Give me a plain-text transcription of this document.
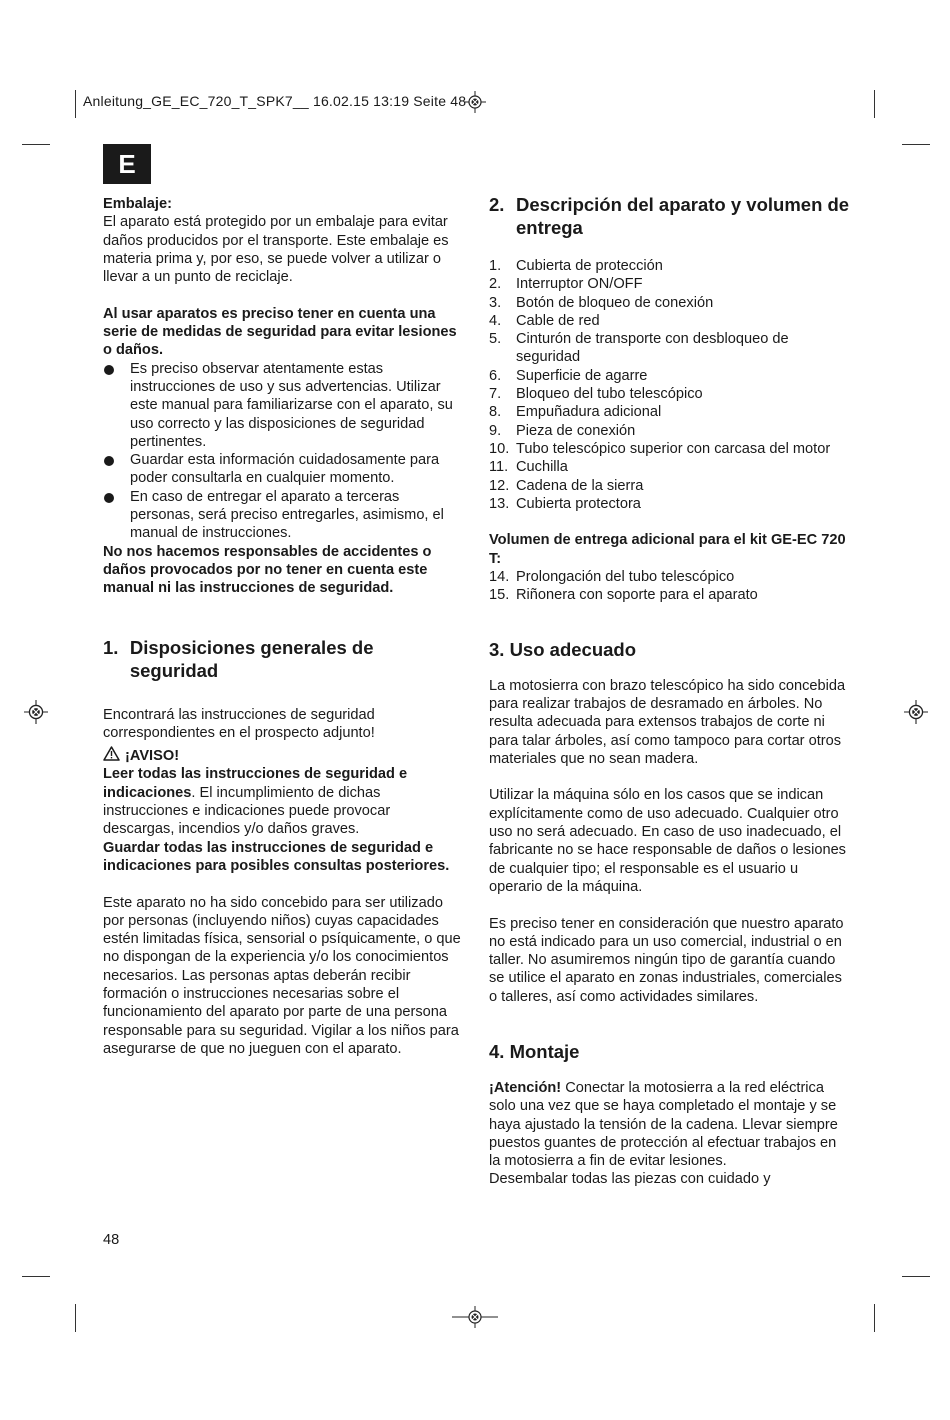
Anleitung_GE_EC_720_T_SPK7__ 16.02.15 13:19 Seite 48
E

Embalaje:

El aparato está protegido por un embalaje para evitar daños producidos por el transporte. Este embalaje es materia prima y, por eso, se puede volver a utilizar o llevar a un punto de reciclaje.

Al usar aparatos es preciso tener en cuenta una serie de medidas de seguridad para evitar lesiones o daños.

Es preciso observar atentamente estas instrucciones de uso y sus advertencias. Utilizar este manual para familiarizarse con el aparato, su uso correcto y las disposiciones de seguridad pertinentes.
Guardar esta información cuidadosamente para poder consultarla en cualquier momento.
En caso de entregar el aparato a terceras personas, será preciso entregarles, asimismo, el manual de instrucciones.

No nos hacemos responsables de accidentes o daños provocados por no tener en cuenta este manual ni las instrucciones de seguridad.

1. Disposiciones generales de seguridad

Encontrará las instrucciones de seguridad correspondientes en el prospecto adjunto!

¡AVISO!

Leer todas las instrucciones de seguridad e indicaciones. El incumplimiento de dichas instrucciones e indicaciones puede provocar descargas, incendios y/o daños graves.

Guardar todas las instrucciones de seguridad e indicaciones para posibles consultas posteriores.

Este aparato no ha sido concebido para ser utilizado por personas (incluyendo niños) cuyas capacidades estén limitadas física, sensorial o psíquicamente, o que no dispongan de la experiencia y/o los conocimientos necesarios. Las personas aptas deberán recibir formación o instrucciones necesarias sobre el funcionamiento del aparato por parte de una persona responsable para su seguridad. Vigilar a los niños para asegurarse de que no jueguen con el aparato.

2. Descripción del aparato y volumen de entrega
1.	Cubierta de protección
2.	Interruptor ON/OFF
3.	Botón de bloqueo de conexión
4.	Cable de red
5.	Cinturón de transporte con desbloqueo de seguridad
6.	Superficie de agarre
7.	Bloqueo del tubo telescópico
8.	Empuñadura adicional
9.	Pieza de conexión
10. Tubo telescópico superior con carcasa del motor
11. Cuchilla
12. Cadena de la sierra
13. Cubierta protectora

Volumen de entrega adicional para el kit GE-EC 720 T:

14. Prolongación del tubo telescópico
15. Riñonera con soporte para el aparato
3. Uso adecuado

La motosierra con brazo telescópico ha sido concebida para realizar trabajos de desramado en árboles. No resulta adecuada para extensos trabajos de corte ni para talar árboles, así como tampoco para cortar otros materiales que no sean madera.

Utilizar la máquina sólo en los casos que se indican explícitamente como de uso adecuado. Cualquier otro uso no será adecuado. En caso de uso inadecuado, el fabricante no se hace responsable de daños o lesiones de cualquier tipo; el responsable es el usuario u operario de la máquina.

Es preciso tener en consideración que nuestro aparato no está indicado para un uso comercial, industrial o en taller. No asumiremos ningún tipo de garantía cuando se utilice el aparato en zonas industriales, comerciales o talleres, así como actividades similares.

4. Montaje

¡Atención! Conectar la motosierra a la red eléctrica solo una vez que se haya completado el montaje y se haya ajustado la tensión de la cadena. Llevar siempre puestos guantes de protección al efectuar trabajos en la motosierra a fin de evitar lesiones.

Desembalar todas las piezas con cuidado y

48
